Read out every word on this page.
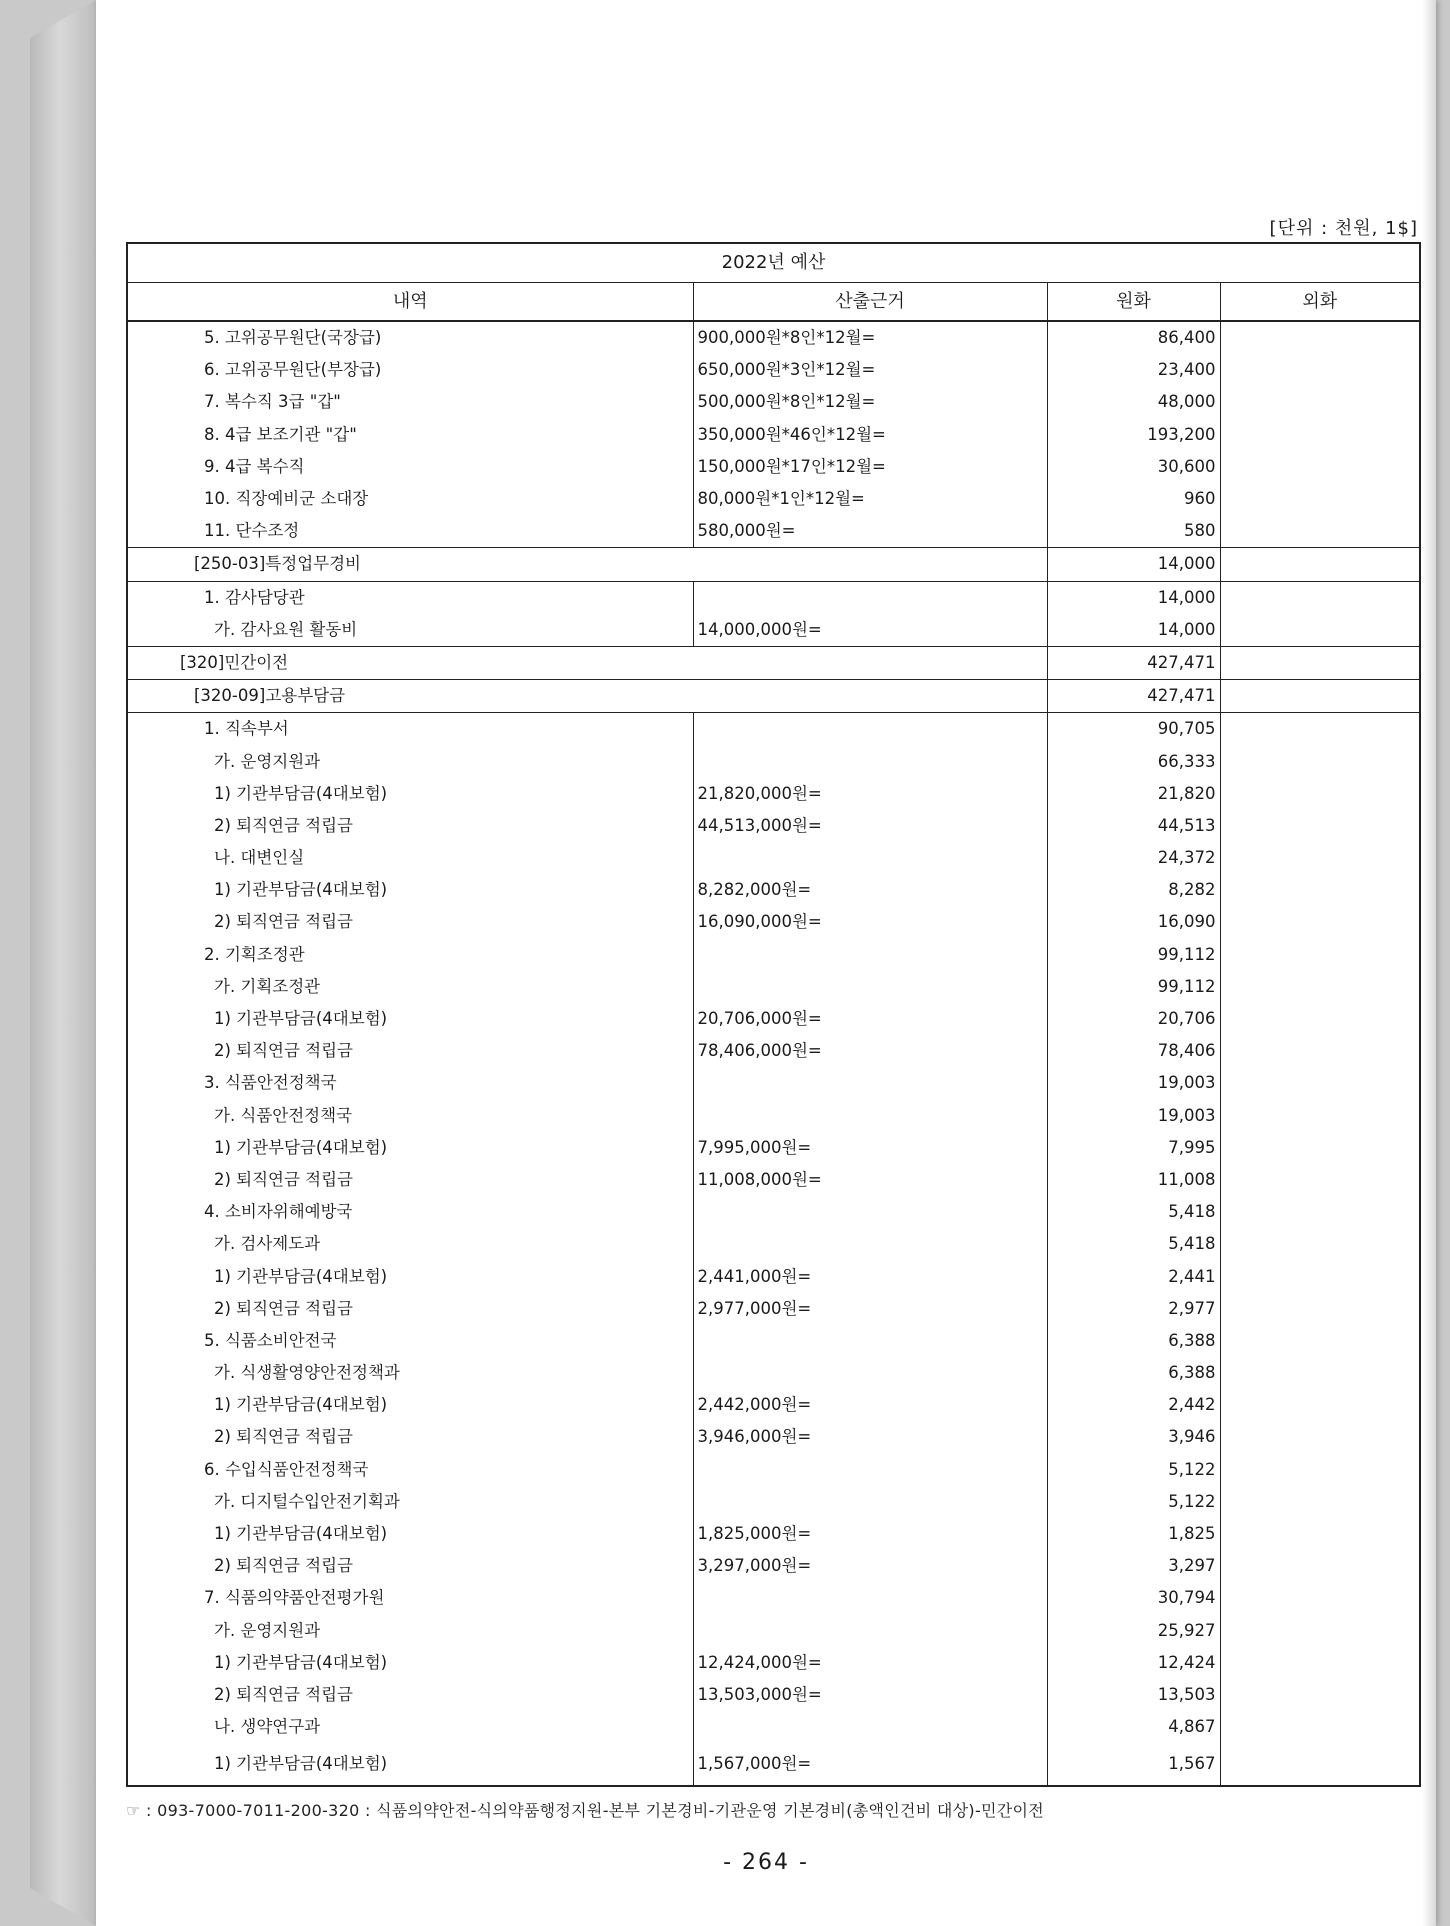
[단위 : 천원, 1$]
2022년 예산			
내역	산출근거	원화	외화
5. 고위공무원단(국장급)	900,000원*8인*12월=	86,400	
6. 고위공무원단(부장급)	650,000원*3인*12월=	23,400	
7. 복수직 3급 "갑"	500,000원*8인*12월=	48,000	
8. 4급 보조기관 "갑"	350,000원*46인*12월=	193,200	
9. 4급 복수직	150,000원*17인*12월=	30,600	
10. 직장예비군 소대장	80,000원*1인*12월=	960	
11. 단수조정	580,000원=	580	
[250-03]특정업무경비		14,000	
1. 감사담당관		14,000	
가. 감사요원 활동비	14,000,000원=	14,000	
[320]민간이전		427,471	
[320-09]고용부담금		427,471	
1. 직속부서		90,705	
가. 운영지원과		66,333	
1) 기관부담금(4대보험)	21,820,000원=	21,820	
2) 퇴직연금 적립금	44,513,000원=	44,513	
나. 대변인실		24,372	
1) 기관부담금(4대보험)	8,282,000원=	8,282	
2) 퇴직연금 적립금	16,090,000원=	16,090	
2. 기획조정관		99,112	
가. 기획조정관		99,112	
1) 기관부담금(4대보험)	20,706,000원=	20,706	
2) 퇴직연금 적립금	78,406,000원=	78,406	
3. 식품안전정책국		19,003	
가. 식품안전정책국		19,003	
1) 기관부담금(4대보험)	7,995,000원=	7,995	
2) 퇴직연금 적립금	11,008,000원=	11,008	
4. 소비자위해예방국		5,418	
가. 검사제도과		5,418	
1) 기관부담금(4대보험)	2,441,000원=	2,441	
2) 퇴직연금 적립금	2,977,000원=	2,977	
5. 식품소비안전국		6,388	
가. 식생활영양안전정책과		6,388	
1) 기관부담금(4대보험)	2,442,000원=	2,442	
2) 퇴직연금 적립금	3,946,000원=	3,946	
6. 수입식품안전정책국		5,122	
가. 디지털수입안전기획과		5,122	
1) 기관부담금(4대보험)	1,825,000원=	1,825	
2) 퇴직연금 적립금	3,297,000원=	3,297	
7. 식품의약품안전평가원		30,794	
가. 운영지원과		25,927	
1) 기관부담금(4대보험)	12,424,000원=	12,424	
2) 퇴직연금 적립금	13,503,000원=	13,503	
나. 생약연구과		4,867	
1) 기관부담금(4대보험)	1,567,000원=	1,567	
☞ : 093-7000-7011-200-320 : 식품의약안전-식의약품행정지원-본부 기본경비-기관운영 기본경비(총액인건비 대상)-민간이전
- 264 -
